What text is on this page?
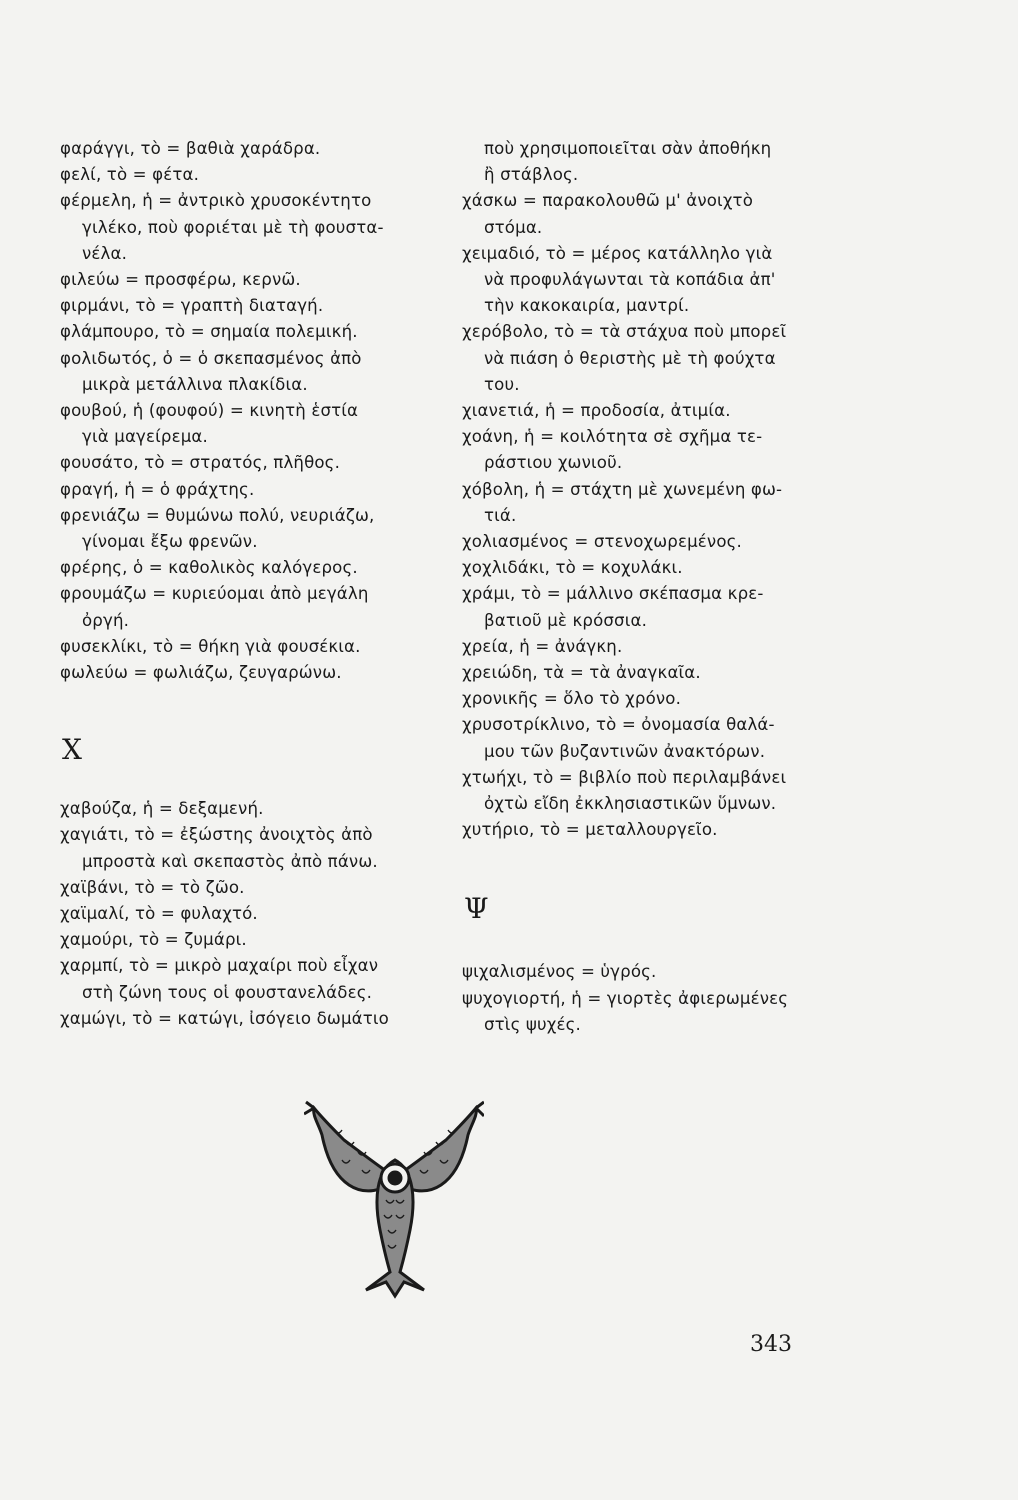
φαράγγι, τὸ = βαθιὰ χαράδρα.
φελί, τὸ = φέτα.
φέρμελη, ἡ = ἀντρικὸ χρυσοκέντητο
γιλέκο, ποὺ φοριέται μὲ τὴ φουστα-
νέλα.
φιλεύω = προσφέρω, κερνῶ.
φιρμάνι, τὸ = γραπτὴ διαταγή.
φλάμπουρο, τὸ = σημαία πολεμική.
φολιδωτός, ὁ = ὁ σκεπασμένος ἀπὸ
μικρὰ μετάλλινα πλακίδια.
φουβού, ἡ (φουφού) = κινητὴ ἑστία
γιὰ μαγείρεμα.
φουσάτο, τὸ = στρατός, πλῆθος.
φραγή, ἡ = ὁ φράχτης.
φρενιάζω = θυμώνω πολύ, νευριάζω,
γίνομαι ἔξω φρενῶν.
φρέρης, ὁ = καθολικὸς καλόγερος.
φρουμάζω = κυριεύομαι ἀπὸ μεγάλη
ὀργή.
φυσεκλίκι, τὸ = θήκη γιὰ φουσέκια.
φωλεύω = φωλιάζω, ζευγαρώνω.
Χ
χαβούζα, ἡ = δεξαμενή.
χαγιάτι, τὸ = ἐξώστης ἀνοιχτὸς ἀπὸ
μπροστὰ καὶ σκεπαστὸς ἀπὸ πάνω.
χαϊβάνι, τὸ = τὸ ζῶο.
χαϊμαλί, τὸ = φυλαχτό.
χαμούρι, τὸ = ζυμάρι.
χαρμπί, τὸ = μικρὸ μαχαίρι ποὺ εἶχαν
στὴ ζώνη τους οἱ φουστανελάδες.
χαμώγι, τὸ = κατώγι, ἰσόγειο δωμάτιο
ποὺ χρησιμοποιεῖται σὰν ἀποθήκη
ἢ στάβλος.
χάσκω = παρακολουθῶ μ' ἀνοιχτὸ
στόμα.
χειμαδιό, τὸ = μέρος κατάλληλο γιὰ
νὰ προφυλάγωνται τὰ κοπάδια ἀπ'
τὴν κακοκαιρία, μαντρί.
χερόβολο, τὸ = τὰ στάχυα ποὺ μπορεῖ
νὰ πιάση ὁ θεριστὴς μὲ τὴ φούχτα
του.
χιανετιά, ἡ = προδοσία, ἀτιμία.
χοάνη, ἡ = κοιλότητα σὲ σχῆμα τε-
ράστιου χωνιοῦ.
χόβολη, ἡ = στάχτη μὲ χωνεμένη φω-
τιά.
χολιασμένος = στενοχωρεμένος.
χοχλιδάκι, τὸ = κοχυλάκι.
χράμι, τὸ = μάλλινο σκέπασμα κρε-
βατιοῦ μὲ κρόσσια.
χρεία, ἡ = ἀνάγκη.
χρειώδη, τὰ = τὰ ἀναγκαῖα.
χρονικῆς = ὅλο τὸ χρόνο.
χρυσοτρίκλινο, τὸ = ὀνομασία θαλά-
μου τῶν βυζαντινῶν ἀνακτόρων.
χτωήχι, τὸ = βιβλίο ποὺ περιλαμβάνει
ὀχτὼ εἴδη ἐκκλησιαστικῶν ὕμνων.
χυτήριο, τὸ = μεταλλουργεῖο.
Ψ
ψιχαλισμένος = ὑγρός.
ψυχογιορτή, ἡ = γιορτὲς ἀφιερωμένες
στὶς ψυχές.
343
